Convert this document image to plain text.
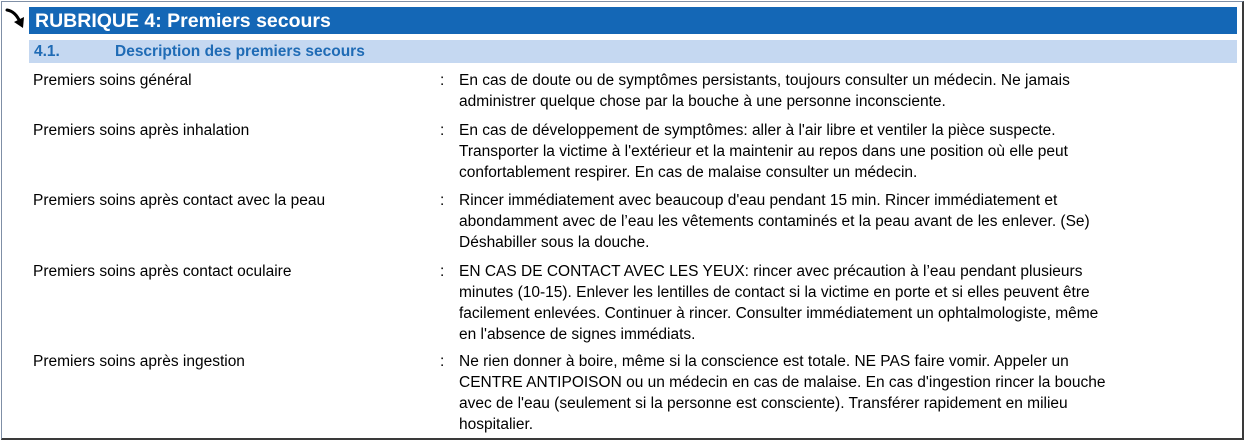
RUBRIQUE 4: Premiers secours
4.1.	Description des premiers secours
Premiers soins général	: En cas de doute ou de symptômes persistants, toujours consulter un médecin. Ne jamais
administrer quelque chose par la bouche à une personne inconsciente.
Premiers soins après inhalation	: En cas de développement de symptômes: aller à l'air libre et ventiler la pièce suspecte.
Transporter la victime à l'extérieur et la maintenir au repos dans une position où elle peut
confortablement respirer. En cas de malaise consulter un médecin.
Premiers soins après contact avec la peau	: Rincer immédiatement avec beaucoup d'eau pendant 15 min. Rincer immédiatement et
abondamment avec de l’eau les vêtements contaminés et la peau avant de les enlever. (Se)
Déshabiller sous la douche.
Premiers soins après contact oculaire	: EN CAS DE CONTACT AVEC LES YEUX: rincer avec précaution à l’eau pendant plusieurs
minutes (10-15). Enlever les lentilles de contact si la victime en porte et si elles peuvent être
facilement enlevées. Continuer à rincer. Consulter immédiatement un ophtalmologiste, même
en l'absence de signes immédiats.
Premiers soins après ingestion	: Ne rien donner à boire, même si la conscience est totale. NE PAS faire vomir. Appeler un
CENTRE ANTIPOISON ou un médecin en cas de malaise. En cas d'ingestion rincer la bouche
avec de l'eau (seulement si la personne est consciente). Transférer rapidement en milieu
hospitalier.
